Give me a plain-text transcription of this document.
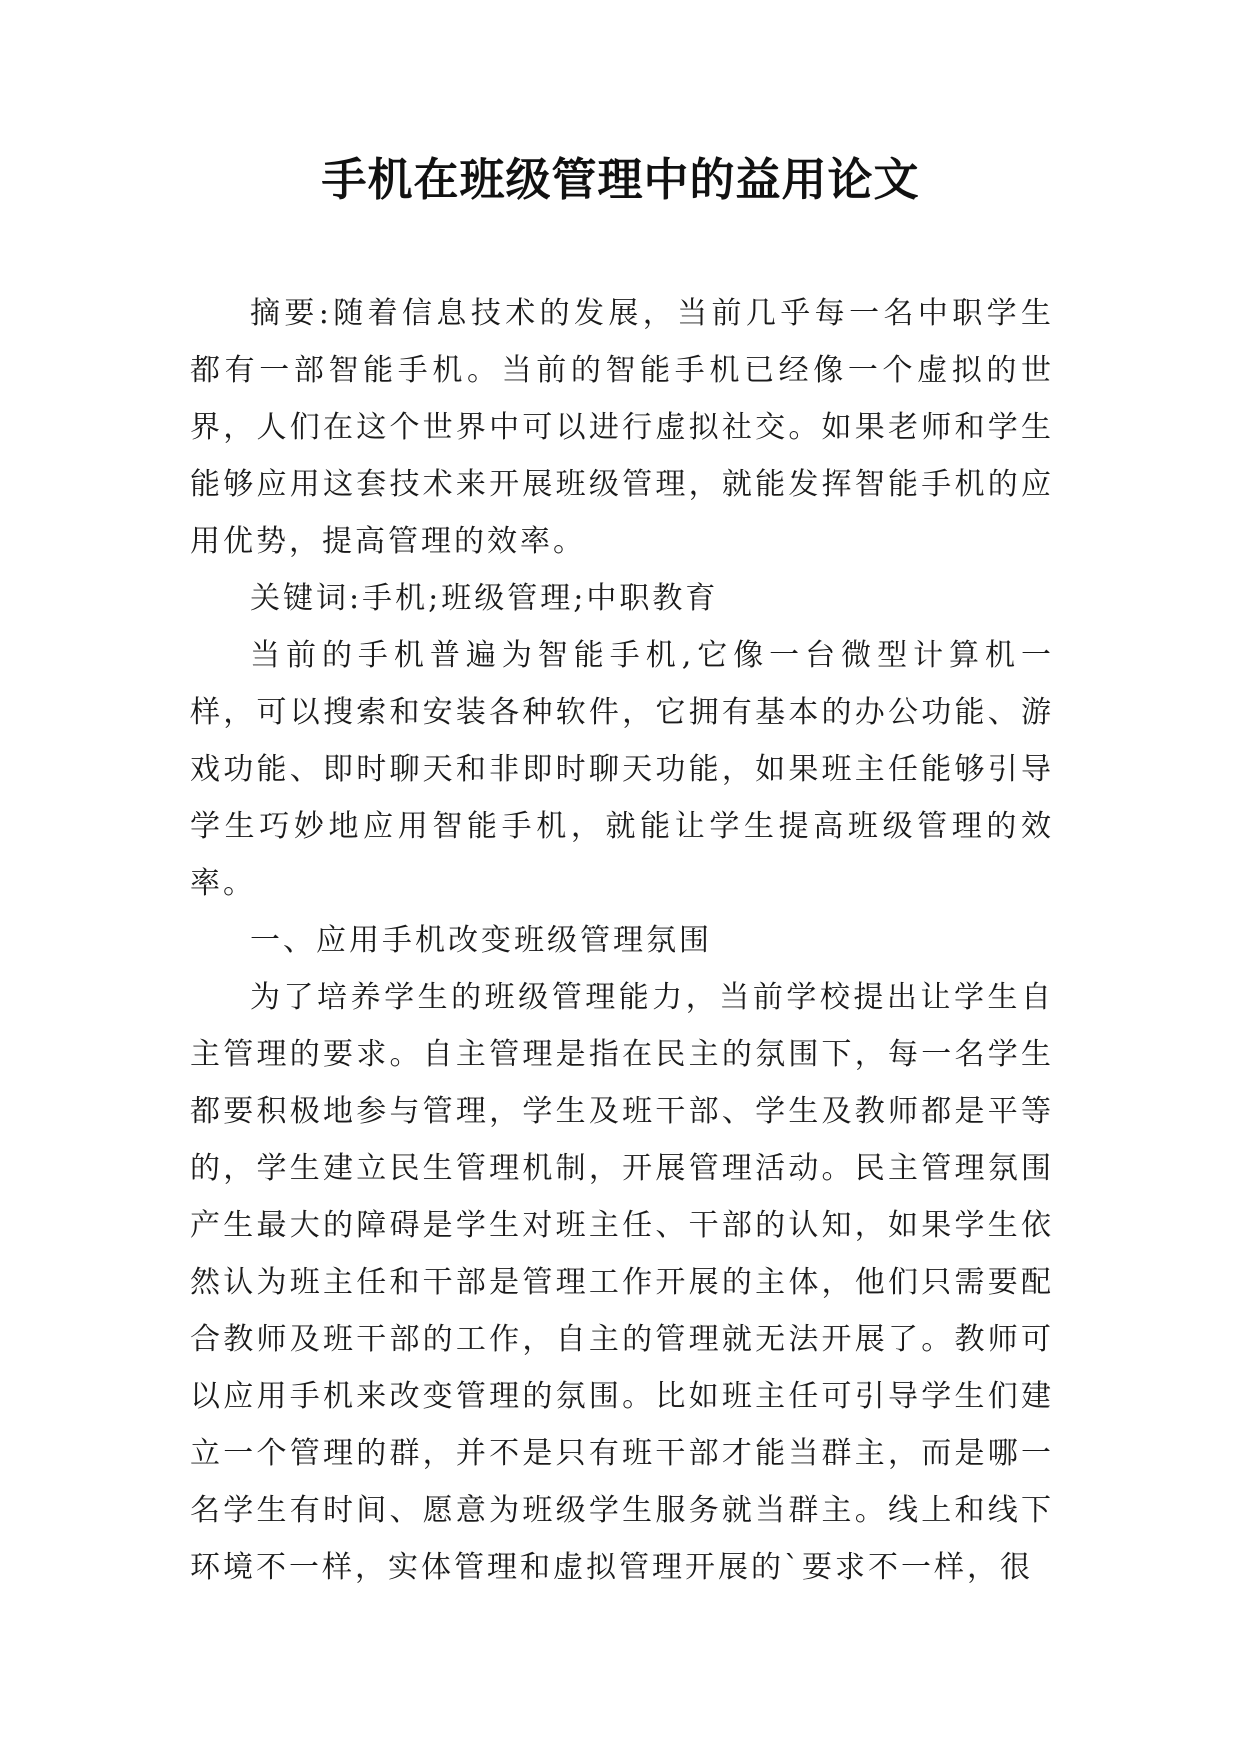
手机在班级管理中的益用论文

摘要:随着信息技术的发展，当前几乎每一名中职学生都有一部智能手机。当前的智能手机已经像一个虚拟的世界，人们在这个世界中可以进行虚拟社交。如果老师和学生能够应用这套技术来开展班级管理，就能发挥智能手机的应用优势，提高管理的效率。

关键词:手机;班级管理;中职教育

当前的手机普遍为智能手机,它像一台微型计算机一样，可以搜索和安装各种软件，它拥有基本的办公功能、游戏功能、即时聊天和非即时聊天功能，如果班主任能够引导学生巧妙地应用智能手机，就能让学生提高班级管理的效率。

一、应用手机改变班级管理氛围

为了培养学生的班级管理能力，当前学校提出让学生自主管理的要求。自主管理是指在民主的氛围下，每一名学生都要积极地参与管理，学生及班干部、学生及教师都是平等的，学生建立民生管理机制，开展管理活动。民主管理氛围产生最大的障碍是学生对班主任、干部的认知，如果学生依然认为班主任和干部是管理工作开展的主体，他们只需要配合教师及班干部的工作，自主的管理就无法开展了。教师可以应用手机来改变管理的氛围。比如班主任可引导学生们建立一个管理的群，并不是只有班干部才能当群主，而是哪一名学生有时间、愿意为班级学生服务就当群主。线上和线下环境不一样，实体管理和虚拟管理开展的`要求不一样，很
